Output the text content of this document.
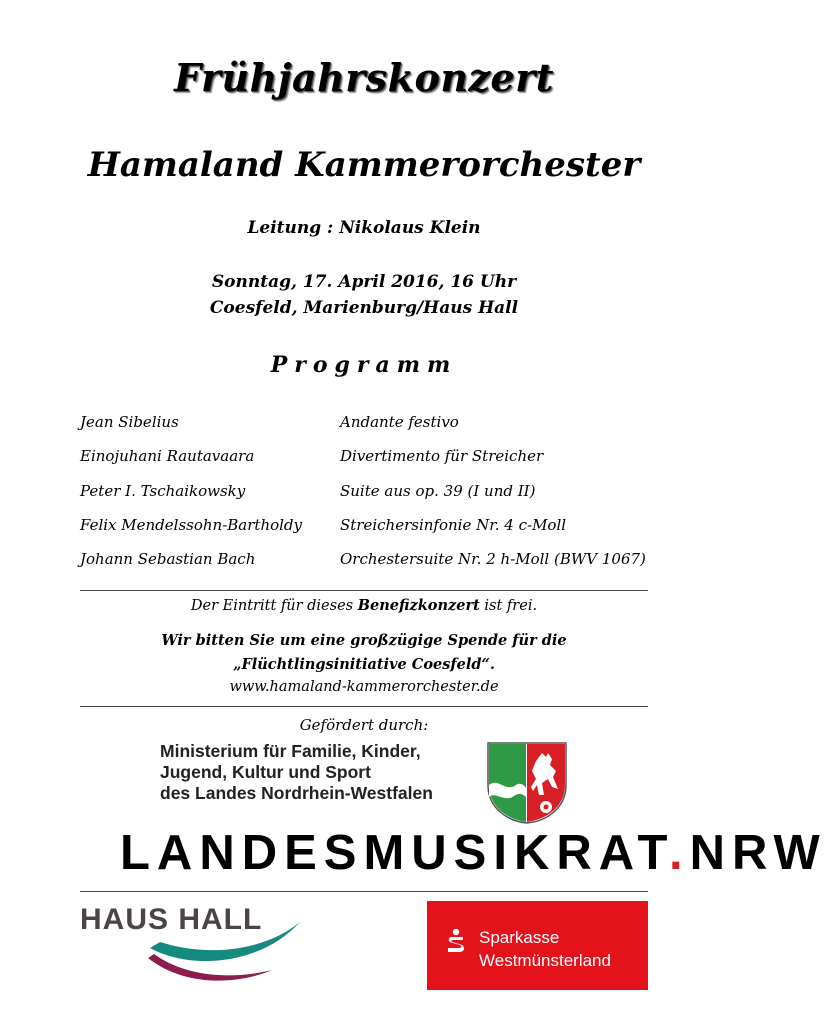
Frühjahrskonzert
Hamaland Kammerorchester
Leitung : Nikolaus Klein
Sonntag, 17. April 2016, 16 Uhr
Coesfeld, Marienburg/Haus Hall
Programm
Jean Sibelius	Andante festivo
Einojuhani Rautavaara	Divertimento für Streicher
Peter I. Tschaikowsky	Suite aus op. 39 (I und II)
Felix Mendelssohn-Bartholdy	Streichersinfonie Nr. 4 c-Moll
Johann Sebastian Bach	Orchestersuite Nr. 2 h-Moll (BWV 1067)
Der Eintritt für dieses Benefizkonzert ist frei.
Wir bitten Sie um eine großzügige Spende für die
„Flüchtlingsinitiative Coesfeld“.
www.hamaland-kammerorchester.de
Gefördert durch:
Ministerium für Familie, Kinder,
Jugend, Kultur und Sport
des Landes Nordrhein-Westfalen
LANDESMUSIKRAT.NRW
HAUS HALL
Sparkasse
Westmünsterland
